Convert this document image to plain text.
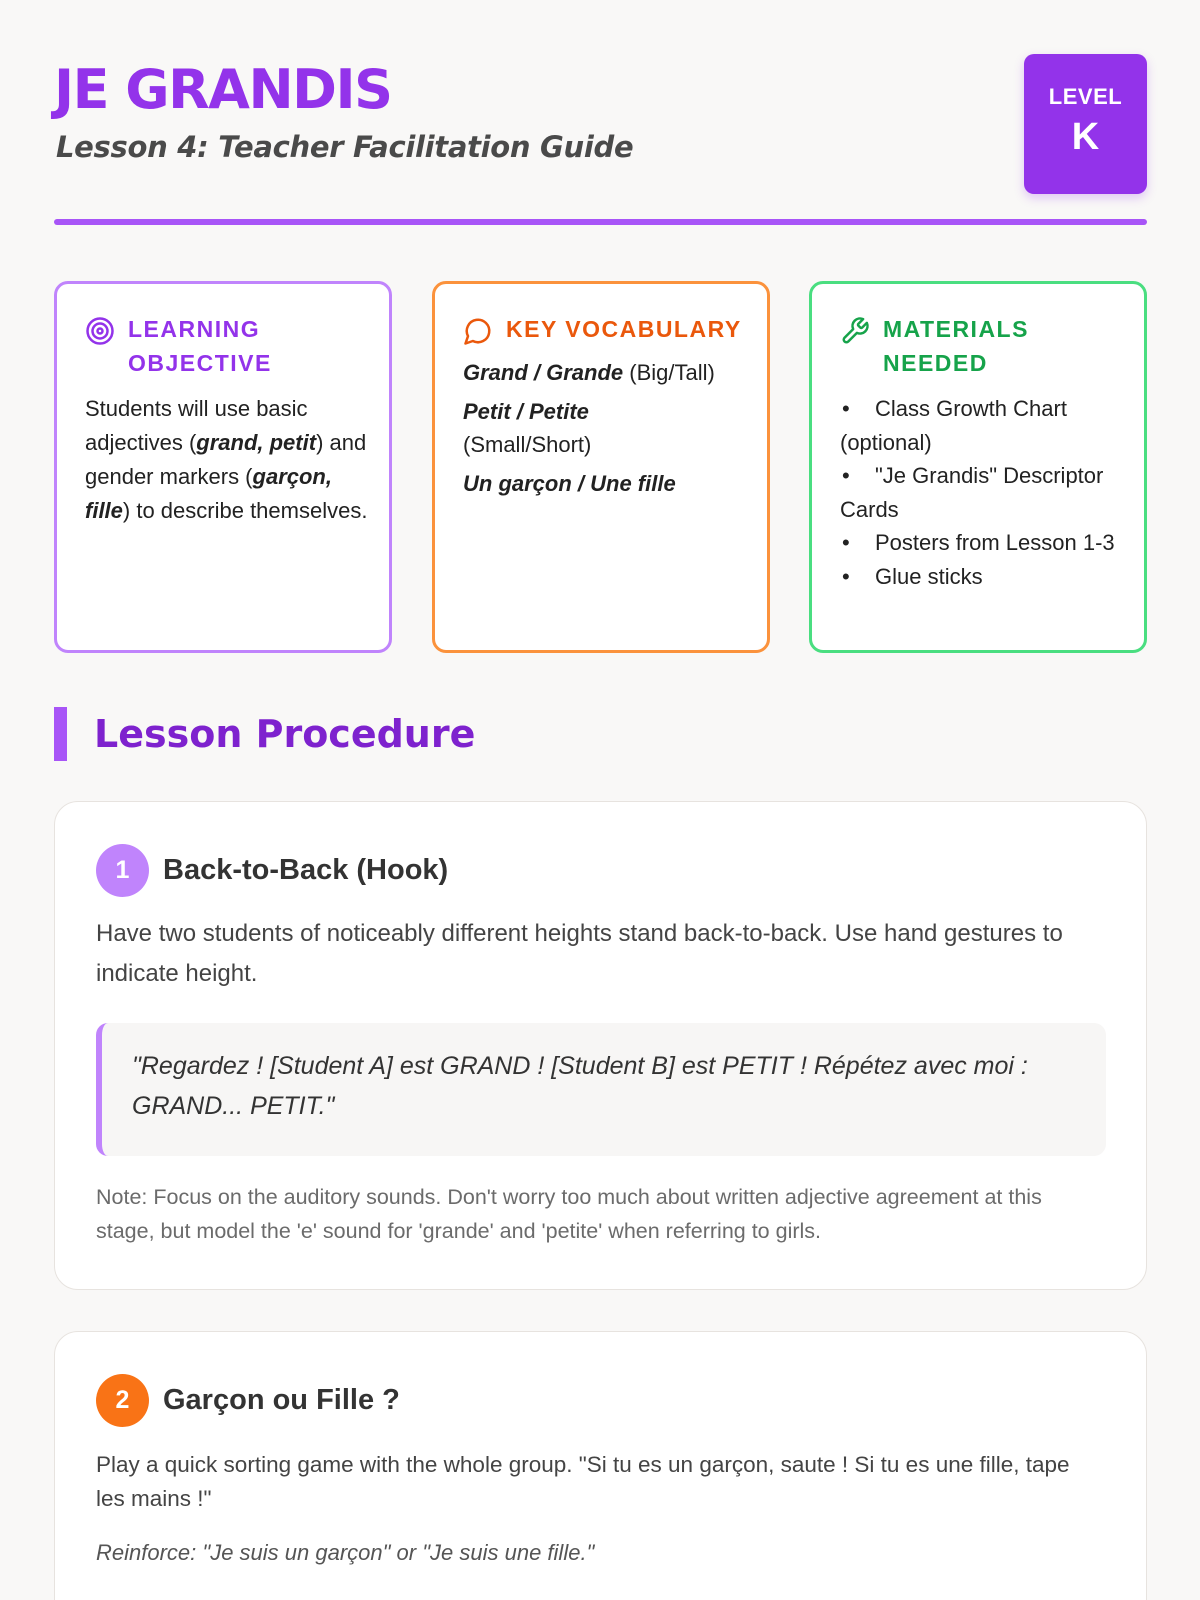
JE GRANDIS
Lesson 4: Teacher Facilitation Guide
LEVEL
K
LEARNING OBJECTIVE
Students will use basic adjectives (grand, petit) and gender markers (garçon, fille) to describe themselves.
KEY VOCABULARY
Grand / Grande (Big/Tall)
Petit / Petite
(Small/Short)
Un garçon / Une fille
MATERIALS NEEDED
• Class Growth Chart (optional)
• "Je Grandis" Descriptor Cards
• Posters from Lesson 1-3
• Glue sticks
Lesson Procedure
1	Back-to-Back (Hook)
Have two students of noticeably different heights stand back-to-back. Use hand gestures to indicate height.
"Regardez ! [Student A] est GRAND ! [Student B] est PETIT ! Répétez avec moi : GRAND... PETIT."
Note: Focus on the auditory sounds. Don't worry too much about written adjective agreement at this stage, but model the 'e' sound for 'grande' and 'petite' when referring to girls.
2	Garçon ou Fille ?
Play a quick sorting game with the whole group. "Si tu es un garçon, saute ! Si tu es une fille, tape les mains !"
Reinforce: "Je suis un garçon" or "Je suis une fille."
